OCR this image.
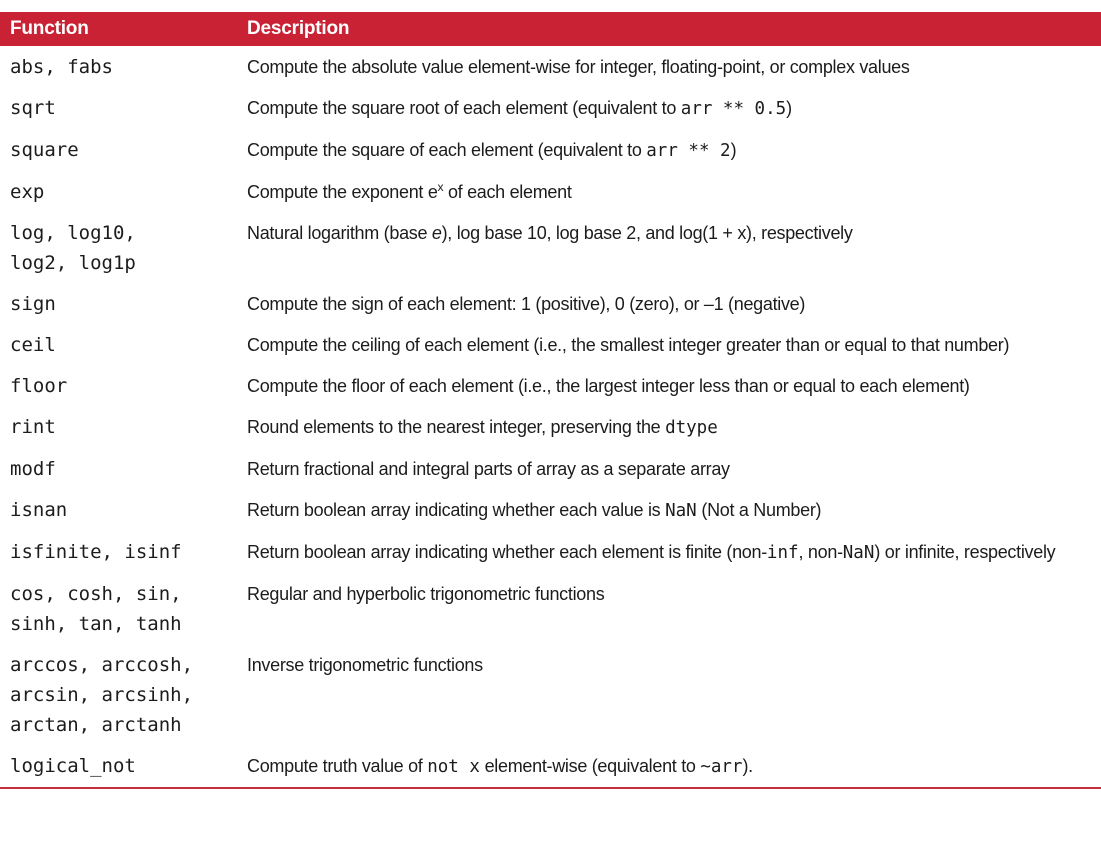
Function	Description

abs, fabs	Compute the absolute value element-wise for integer, floating-point, or complex values

sqrt	Compute the square root of each element (equivalent to arr ** 0.5)

square	Compute the square of each element (equivalent to arr ** 2)

exp	Compute the exponent $e^x$ of each element

log, log10,
log2, log1p	Natural logarithm (base e), log base 10, log base 2, and log(1 + x), respectively

sign	Compute the sign of each element: 1 (positive), 0 (zero), or –1 (negative)

ceil	Compute the ceiling of each element (i.e., the smallest integer greater than or equal to that number)

floor	Compute the floor of each element (i.e., the largest integer less than or equal to each element)

rint	Round elements to the nearest integer, preserving the dtype

modf	Return fractional and integral parts of array as a separate array

isnan	Return boolean array indicating whether each value is NaN (Not a Number)

isfinite, isinf	Return boolean array indicating whether each element is finite (non-inf, non-NaN) or infinite, respectively

cos, cosh, sin,
sinh, tan, tanh	Regular and hyperbolic trigonometric functions

arccos, arccosh,
arcsin, arcsinh,
arctan, arctanh	Inverse trigonometric functions

logical_not	Compute truth value of not x element-wise (equivalent to ~arr).
